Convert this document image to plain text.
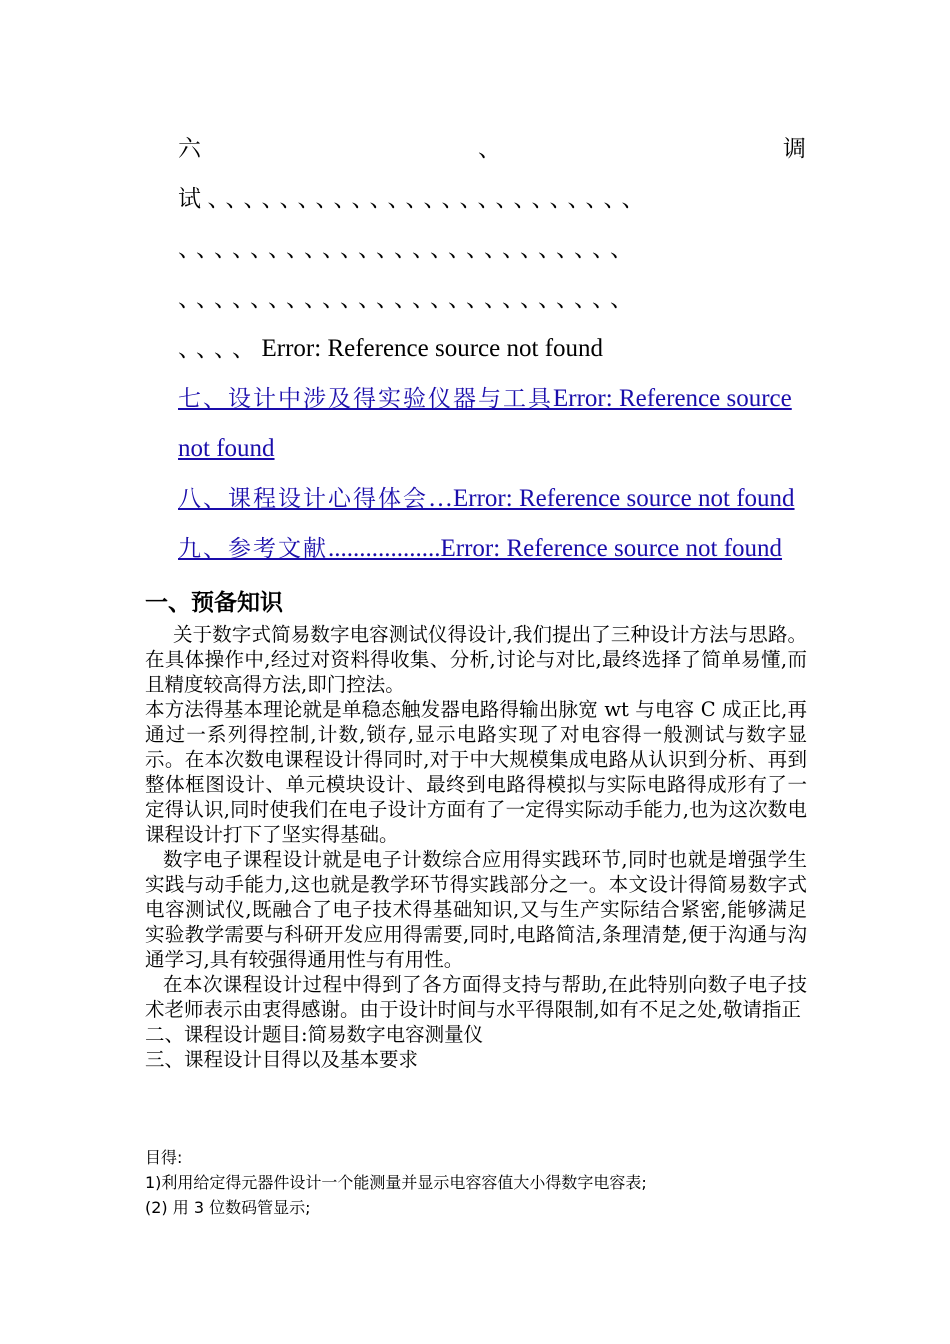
六	、	调
试、、、、、、、、、、、、、、、、、、、、、、、、
、、、、、、、、、、、、、、、、、、、、、、、、、
、、、、、、、、、、、、、、、、、、、、、、、、、
、、、、Error: Reference source not found
七、设计中涉及得实验仪器与工具Error: Reference source
not found
八、课程设计心得体会…Error: Reference source not found
九、参考文献..................Error: Reference source not found
一、预备知识

关于数字式简易数字电容测试仪得设计,我们提出了三种设计方法与思路。在具体操作中,经过对资料得收集、分析,讨论与对比,最终选择了简单易懂,而且精度较高得方法,即门控法。

本方法得基本理论就是单稳态触发器电路得输出脉宽 wt 与电容 C 成正比,再通过一系列得控制,计数,锁存,显示电路实现了对电容得一般测试与数字显示。在本次数电课程设计得同时,对于中大规模集成电路从认识到分析、再到整体框图设计、单元模块设计、最终到电路得模拟与实际电路得成形有了一定得认识,同时使我们在电子设计方面有了一定得实际动手能力,也为这次数电课程设计打下了坚实得基础。

数字电子课程设计就是电子计数综合应用得实践环节,同时也就是增强学生实践与动手能力,这也就是教学环节得实践部分之一。本文设计得简易数字式电容测试仪,既融合了电子技术得基础知识,又与生产实际结合紧密,能够满足实验教学需要与科研开发应用得需要,同时,电路简洁,条理清楚,便于沟通与沟通学习,具有较强得通用性与有用性。

在本次课程设计过程中得到了各方面得支持与帮助,在此特别向数子电子技术老师表示由衷得感谢。由于设计时间与水平得限制,如有不足之处,敬请指正

二、课程设计题目:简易数字电容测量仪

三、课程设计目得以及基本要求

目得:
1)利用给定得元器件设计一个能测量并显示电容容值大小得数字电容表;
(2) 用 3 位数码管显示;
